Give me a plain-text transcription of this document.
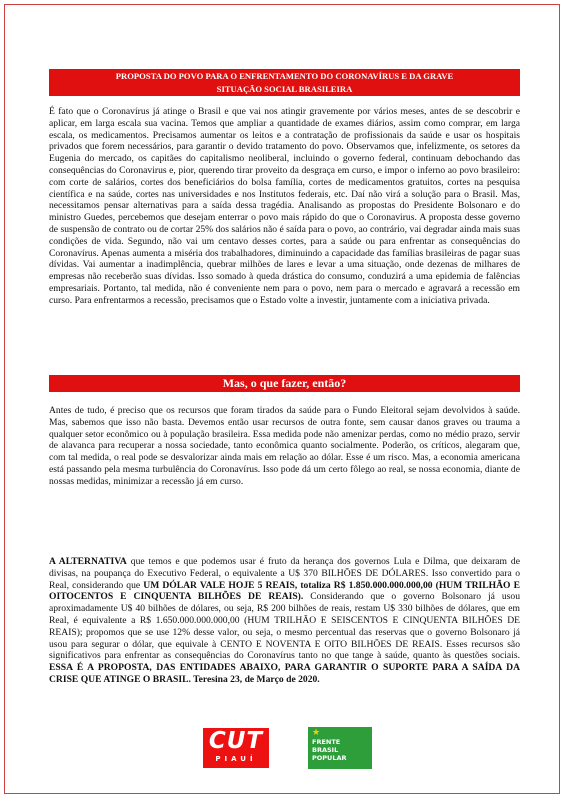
PROPOSTA DO POVO PARA O ENFRENTAMENTO DO CORONAVÍRUS E DA GRAVE
SITUAÇÃO SOCIAL BRASILEIRA

É fato que o Coronavírus já atinge o Brasil e que vai nos atingir gravemente por vários meses, antes de se descobrir e aplicar, em larga escala sua vacina. Temos que ampliar a quantidade de exames diários, assim como comprar, em larga escala, os medicamentos. Precisamos aumentar os leitos e a contratação de profissionais da saúde e usar os hospitais privados que forem necessários, para garantir o devido tratamento do povo. Observamos que, infelizmente, os setores da Eugenia do mercado, os capitães do capitalismo neoliberal, incluindo o governo federal, continuam debochando das consequências do Coronavirus e, pior, querendo tirar proveito da desgraça em curso, e impor o inferno ao povo brasileiro: com corte de salários, cortes dos beneficiários do bolsa família, cortes de medicamentos gratuitos, cortes na pesquisa científica e na saúde, cortes nas universidades e nos Institutos federais, etc. Daí não virá a solução para o Brasil. Mas, necessitamos pensar alternativas para a saída dessa tragédia. Analisando as propostas do Presidente Bolsonaro e do ministro Guedes, percebemos que desejam enterrar o povo mais rápido do que o Coronavirus. A proposta desse governo de suspensão de contrato ou de cortar 25% dos salários não é saída para o povo, ao contrário, vai degradar ainda mais suas condições de vida. Segundo, não vai um centavo desses cortes, para a saúde ou para enfrentar as consequências do Coronavírus. Apenas aumenta a miséria dos trabalhadores, diminuindo a capacidade das famílias brasileiras de pagar suas dívidas. Vai aumentar a inadimplência, quebrar milhões de lares e levar a uma situação, onde dezenas de milhares de empresas não receberão suas dívidas. Isso somado à queda drástica do consumo, conduzirá a uma epidemia de falências empresariais. Portanto, tal medida, não é conveniente nem para o povo, nem para o mercado e agravará a recessão em curso. Para enfrentarmos a recessão, precisamos que o Estado volte a investir, juntamente com a iniciativa privada.

Mas, o que fazer, então?

Antes de tudo, é preciso que os recursos que foram tirados da saúde para o Fundo Eleitoral sejam devolvidos à saúde. Mas, sabemos que isso não basta. Devemos então usar recursos de outra fonte, sem causar danos graves ou trauma a qualquer setor econômico ou à população brasileira. Essa medida pode não amenizar perdas, como no médio prazo, servir de alavanca para recuperar a nossa sociedade, tanto econômica quanto socialmente. Poderão, os críticos, alegaram que, com tal medida, o real pode se desvalorizar ainda mais em relação ao dólar. Esse é um risco. Mas, a economia americana está passando pela mesma turbulência do Coronavírus. Isso pode dá um certo fôlego ao real, se nossa economia, diante de nossas medidas, minimizar a recessão já em curso.

A ALTERNATIVA que temos e que podemos usar é fruto da herança dos governos Lula e Dilma, que deixaram de divisas, na poupança do Executivo Federal, o equivalente a U$ 370 BILHÕES DE DÓLARES. Isso convertido para o Real, considerando que UM DÓLAR VALE HOJE 5 REAIS, totaliza R$ 1.850.000.000.000,00 (HUM TRILHÃO E OITOCENTOS E CINQUENTA BILHÕES DE REAIS). Considerando que o governo Bolsonaro já usou aproximadamente U$ 40 bilhões de dólares, ou seja, R$ 200 bilhões de reais, restam U$ 330 bilhões de dólares, que em Real, é equivalente a R$ 1.650.000.000.000,00 (HUM TRILHÃO E SEISCENTOS E CINQUENTA BILHÕES DE REAIS); propomos que se use 12% desse valor, ou seja, o mesmo percentual das reservas que o governo Bolsonaro já usou para segurar o dólar, que equivale à CENTO E NOVENTA E OITO BILHÕES DE REAIS. Esses recursos são significativos para enfrentar as consequências do Coronavírus tanto no que tange à saúde, quanto às questões sociais. ESSA É A PROPOSTA, DAS ENTIDADES ABAIXO, PARA GARANTIR O SUPORTE PARA A SAÍDA DA CRISE QUE ATINGE O BRASIL. Teresina 23, de Março de 2020.

CUT
PIAUÍ
★
FRENTE BRASIL
POPULAR
